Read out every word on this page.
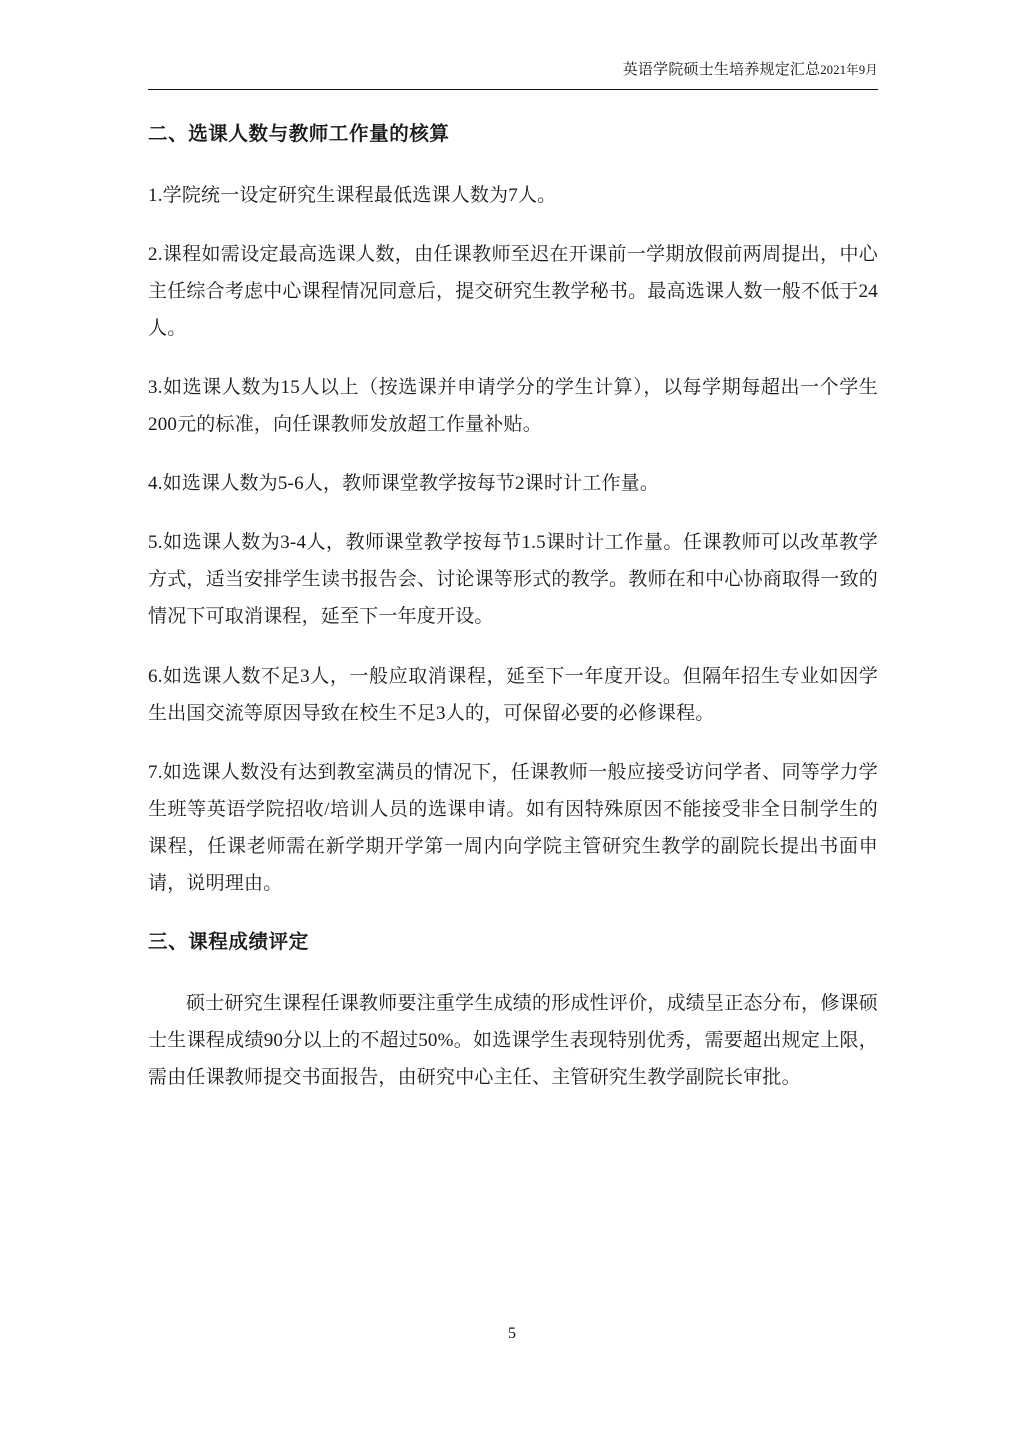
英语学院硕士生培养规定汇总2021年9月
二、选课人数与教师工作量的核算

1.学院统一设定研究生课程最低选课人数为7人。

2.课程如需设定最高选课人数，由任课教师至迟在开课前一学期放假前两周提出，中心主任综合考虑中心课程情况同意后，提交研究生教学秘书。最高选课人数一般不低于24人。

3.如选课人数为15人以上（按选课并申请学分的学生计算），以每学期每超出一个学生200元的标准，向任课教师发放超工作量补贴。

4.如选课人数为5-6人，教师课堂教学按每节2课时计工作量。

5.如选课人数为3-4人，教师课堂教学按每节1.5课时计工作量。任课教师可以改革教学方式，适当安排学生读书报告会、讨论课等形式的教学。教师在和中心协商取得一致的情况下可取消课程，延至下一年度开设。

6.如选课人数不足3人，一般应取消课程，延至下一年度开设。但隔年招生专业如因学生出国交流等原因导致在校生不足3人的，可保留必要的必修课程。

7.如选课人数没有达到教室满员的情况下，任课教师一般应接受访问学者、同等学力学生班等英语学院招收/培训人员的选课申请。如有因特殊原因不能接受非全日制学生的课程，任课老师需在新学期开学第一周内向学院主管研究生教学的副院长提出书面申请，说明理由。

三、课程成绩评定

硕士研究生课程任课教师要注重学生成绩的形成性评价，成绩呈正态分布，修课硕士生课程成绩90分以上的不超过50%。如选课学生表现特别优秀，需要超出规定上限，需由任课教师提交书面报告，由研究中心主任、主管研究生教学副院长审批。

5
